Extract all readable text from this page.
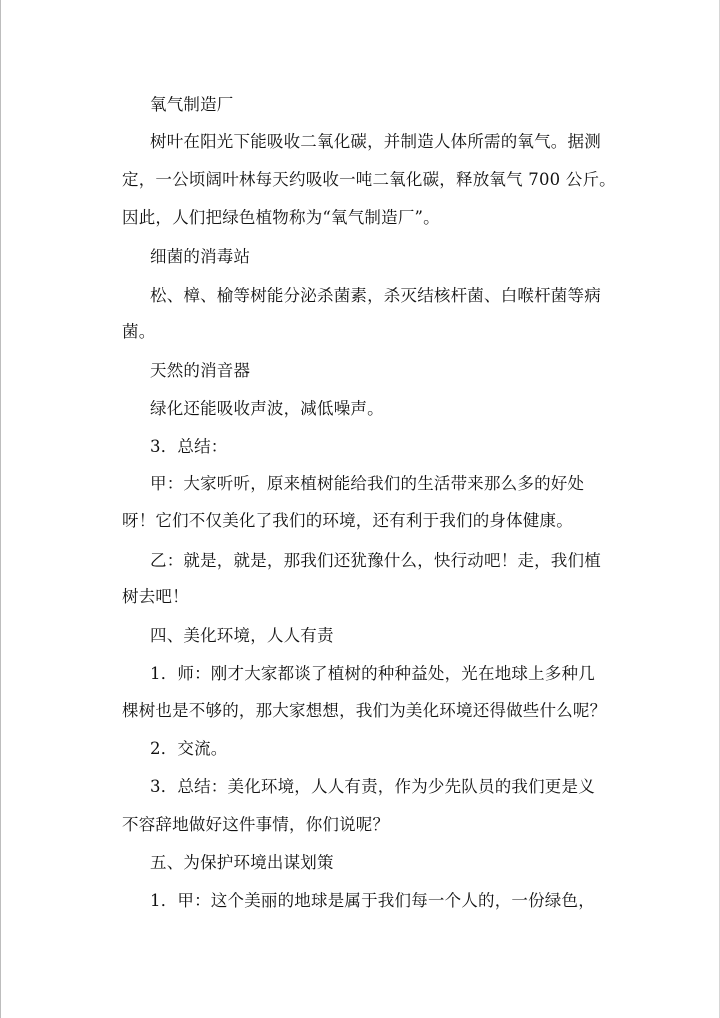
氧气制造厂
树叶在阳光下能吸收二氧化碳，并制造人体所需的氧气。据测
定，一公顷阔叶林每天约吸收一吨二氧化碳，释放氧气 700 公斤。
因此，人们把绿色植物称为“氧气制造厂”。
细菌的消毒站
松、樟、榆等树能分泌杀菌素，杀灭结核杆菌、白喉杆菌等病
菌。
天然的消音器
绿化还能吸收声波，减低噪声。
3．总结：
甲：大家听听，原来植树能给我们的生活带来那么多的好处
呀！它们不仅美化了我们的环境，还有利于我们的身体健康。
乙：就是，就是，那我们还犹豫什么，快行动吧！走，我们植
树去吧！
四、美化环境，人人有责
1．师：刚才大家都谈了植树的种种益处，光在地球上多种几
棵树也是不够的，那大家想想，我们为美化环境还得做些什么呢？
2．交流。
3．总结：美化环境，人人有责，作为少先队员的我们更是义
不容辞地做好这件事情，你们说呢？
五、为保护环境出谋划策
1．甲：这个美丽的地球是属于我们每一个人的，一份绿色，
